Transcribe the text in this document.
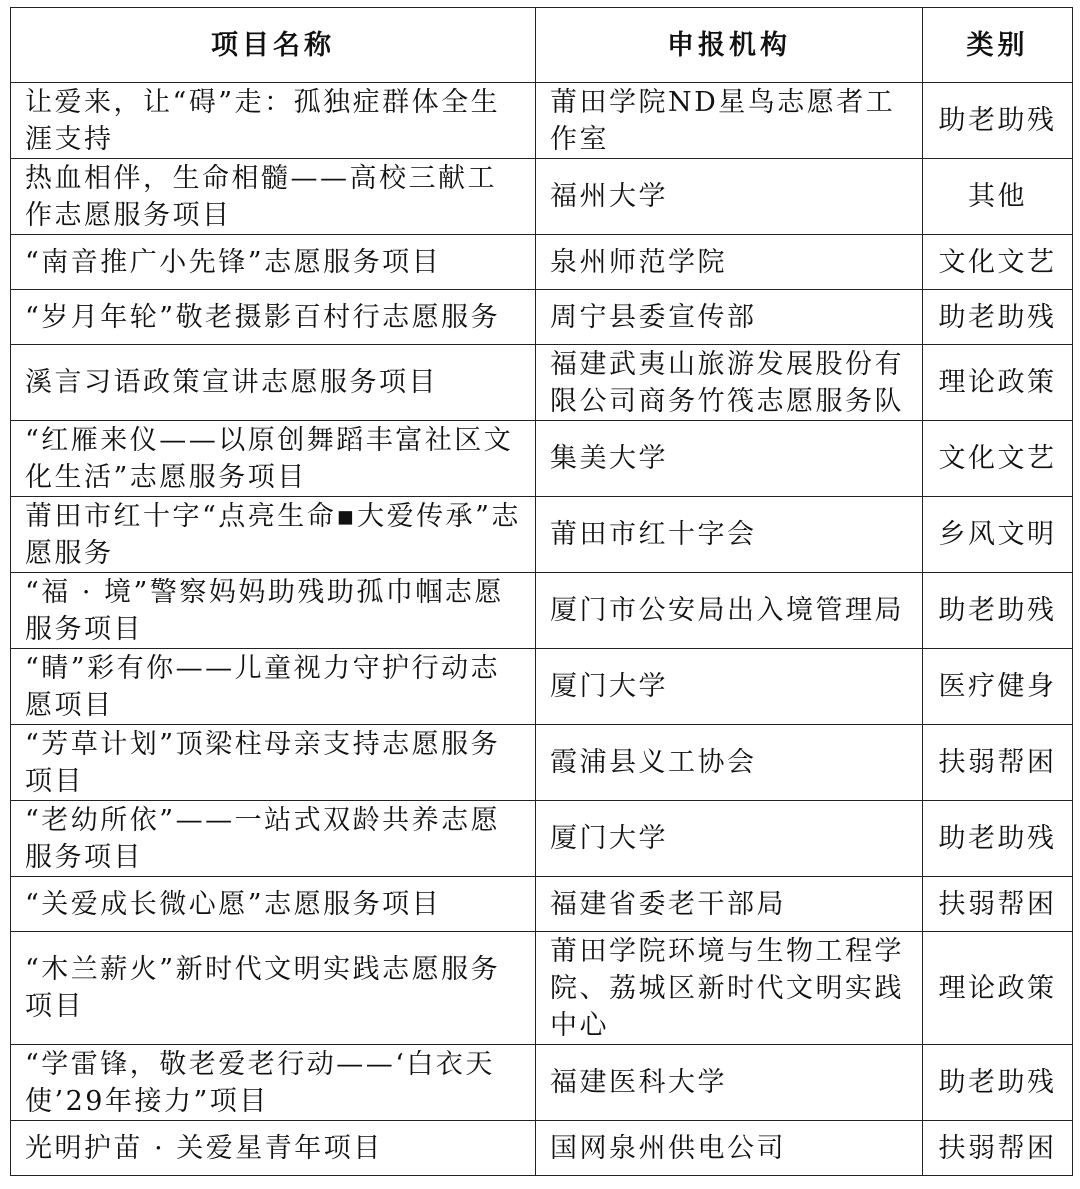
项目名称	申报机构	类别
让爱来，让“碍”走：孤独症群体全生涯支持	莆田学院ND星鸟志愿者工作室	助老助残
热血相伴，生命相髓——高校三献工作志愿服务项目	福州大学	其他
“南音推广小先锋”志愿服务项目	泉州师范学院	文化文艺
“岁月年轮”敬老摄影百村行志愿服务	周宁县委宣传部	助老助残
溪言习语政策宣讲志愿服务项目	福建武夷山旅游发展股份有限公司商务竹筏志愿服务队	理论政策
“红雁来仪——以原创舞蹈丰富社区文化生活”志愿服务项目	集美大学	文化文艺
莆田市红十字“点亮生命▪大爱传承”志愿服务	莆田市红十字会	乡风文明
“福 · 境”警察妈妈助残助孤巾帼志愿服务项目	厦门市公安局出入境管理局	助老助残
“睛”彩有你——儿童视力守护行动志愿项目	厦门大学	医疗健身
“芳草计划”顶梁柱母亲支持志愿服务项目	霞浦县义工协会	扶弱帮困
“老幼所依”——一站式双龄共养志愿服务项目	厦门大学	助老助残
“关爱成长微心愿”志愿服务项目	福建省委老干部局	扶弱帮困
“木兰薪火”新时代文明实践志愿服务项目	莆田学院环境与生物工程学院、荔城区新时代文明实践中心	理论政策
“学雷锋，敬老爱老行动——‘白衣天使’29年接力”项目	福建医科大学	助老助残
光明护苗 · 关爱星青年项目	国网泉州供电公司	扶弱帮困
